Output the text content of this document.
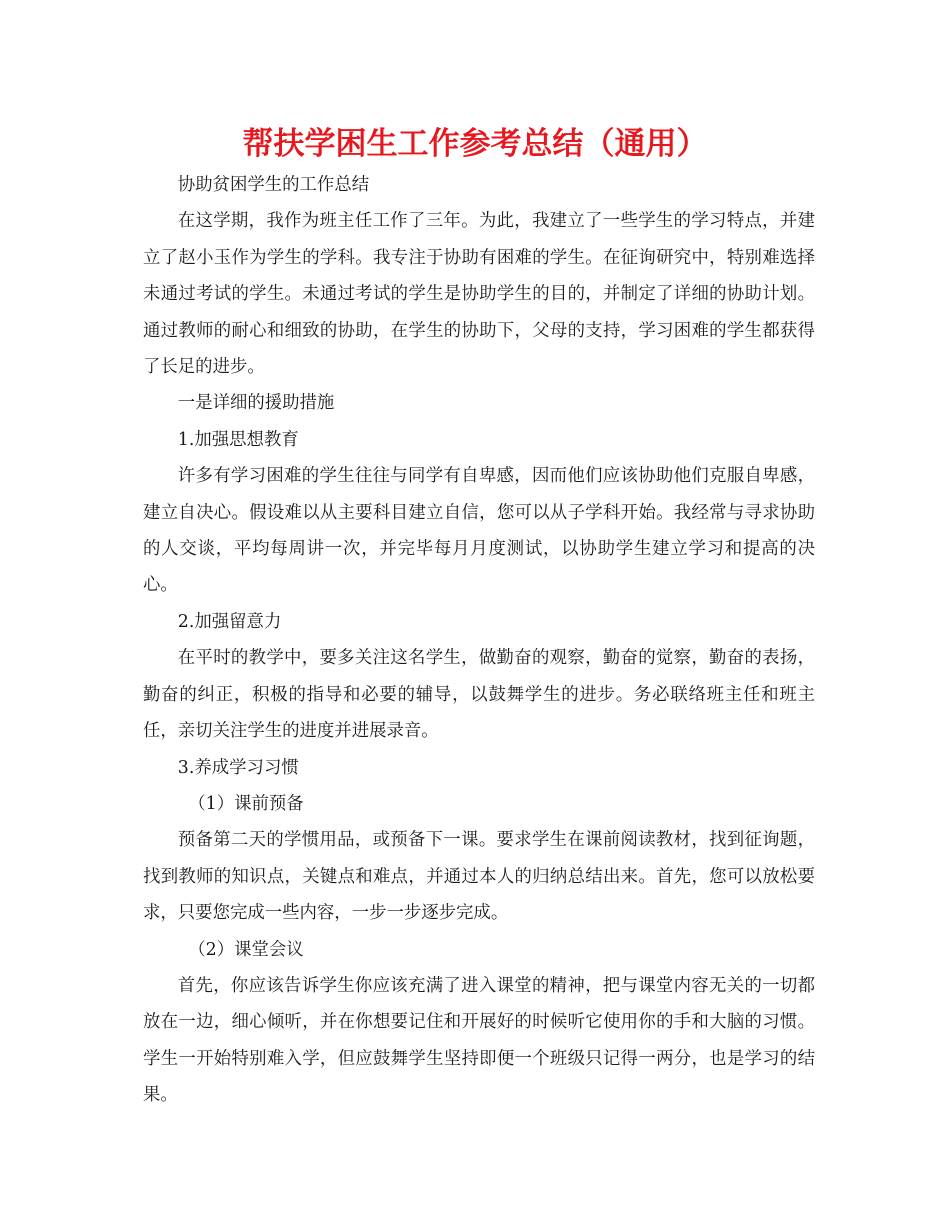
帮扶学困生工作参考总结（通用）

协助贫困学生的工作总结

在这学期，我作为班主任工作了三年。为此，我建立了一些学生的学习特点，并建立了赵小玉作为学生的学科。我专注于协助有困难的学生。在征询研究中，特别难选择未通过考试的学生。未通过考试的学生是协助学生的目的，并制定了详细的协助计划。通过教师的耐心和细致的协助，在学生的协助下，父母的支持，学习困难的学生都获得了长足的进步。

一是详细的援助措施

1.加强思想教育

许多有学习困难的学生往往与同学有自卑感，因而他们应该协助他们克服自卑感，建立自决心。假设难以从主要科目建立自信，您可以从子学科开始。我经常与寻求协助的人交谈，平均每周讲一次，并完毕每月月度测试，以协助学生建立学习和提高的决心。

2.加强留意力

在平时的教学中，要多关注这名学生，做勤奋的观察，勤奋的觉察，勤奋的表扬，勤奋的纠正，积极的指导和必要的辅导，以鼓舞学生的进步。务必联络班主任和班主任，亲切关注学生的进度并进展录音。

3.养成学习习惯

（1）课前预备

预备第二天的学惯用品，或预备下一课。要求学生在课前阅读教材，找到征询题，找到教师的知识点，关键点和难点，并通过本人的归纳总结出来。首先，您可以放松要求，只要您完成一些内容，一步一步逐步完成。

（2）课堂会议

首先，你应该告诉学生你应该充满了进入课堂的精神，把与课堂内容无关的一切都放在一边，细心倾听，并在你想要记住和开展好的时候听它使用你的手和大脑的习惯。学生一开始特别难入学，但应鼓舞学生坚持即便一个班级只记得一两分，也是学习的结果。
